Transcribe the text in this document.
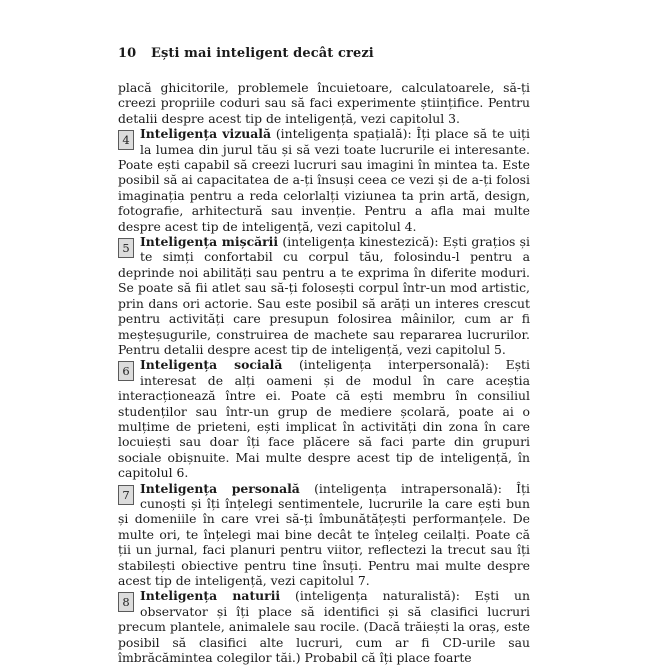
10 Ești mai inteligent decât crezi

placă ghicitorile, problemele încuietoare, calculatoarele, să-ți creezi propriile coduri sau să faci experimente științifice. Pentru detalii despre acest tip de inteligență, vezi capitolul 3.

4 Inteligența vizuală (inteligența spațială): Îți place să te uiți la lumea din jurul tău și să vezi toate lucrurile ei interesante. Poate ești capabil să creezi lucruri sau imagini în mintea ta. Este posibil să ai capacitatea de a-ți însuși ceea ce vezi și de a-ți folosi imaginația pentru a reda celorlalți viziunea ta prin artă, design, fotografie, arhitectură sau invenție. Pentru a afla mai multe despre acest tip de inteligență, vezi capitolul 4.

5 Inteligența mișcării (inteligența kinestezică): Ești grațios și te simți confortabil cu corpul tău, folosindu-l pentru a deprinde noi abilități sau pentru a te exprima în diferite moduri. Se poate să fii atlet sau să-ți folosești corpul într-un mod artistic, prin dans ori actorie. Sau este posibil să arăți un interes crescut pentru activități care presupun folosirea mâinilor, cum ar fi meșteșugurile, construirea de machete sau repararea lucrurilor. Pentru detalii despre acest tip de inteligență, vezi capitolul 5.

6 Inteligența socială (inteligența interpersonală): Ești interesat de alți oameni și de modul în care aceștia interacționează între ei. Poate că ești membru în consiliul studenților sau într-un grup de mediere școlară, poate ai o mulțime de prieteni, ești implicat în activități din zona în care locuiești sau doar îți face plăcere să faci parte din grupuri sociale obișnuite. Mai multe despre acest tip de inteligență, în capitolul 6.

7 Inteligența personală (inteligența intrapersonală): Îți cunoști și îți înțelegi sentimentele, lucrurile la care ești bun și domeniile în care vrei să-ți îmbunătățești performanțele. De multe ori, te înțelegi mai bine decât te înțeleg ceilalți. Poate că ții un jurnal, faci planuri pentru viitor, reflectezi la trecut sau îți stabilești obiective pentru tine însuți. Pentru mai multe despre acest tip de inteligență, vezi capitolul 7.

8 Inteligența naturii (inteligența naturalistă): Ești un observator și îți place să identifici și să clasifici lucruri precum plantele, animalele sau rocile. (Dacă trăiești la oraș, este posibil să clasifici alte lucruri, cum ar fi CD-urile sau îmbrăcămintea colegilor tăi.) Probabil că îți place foarte
